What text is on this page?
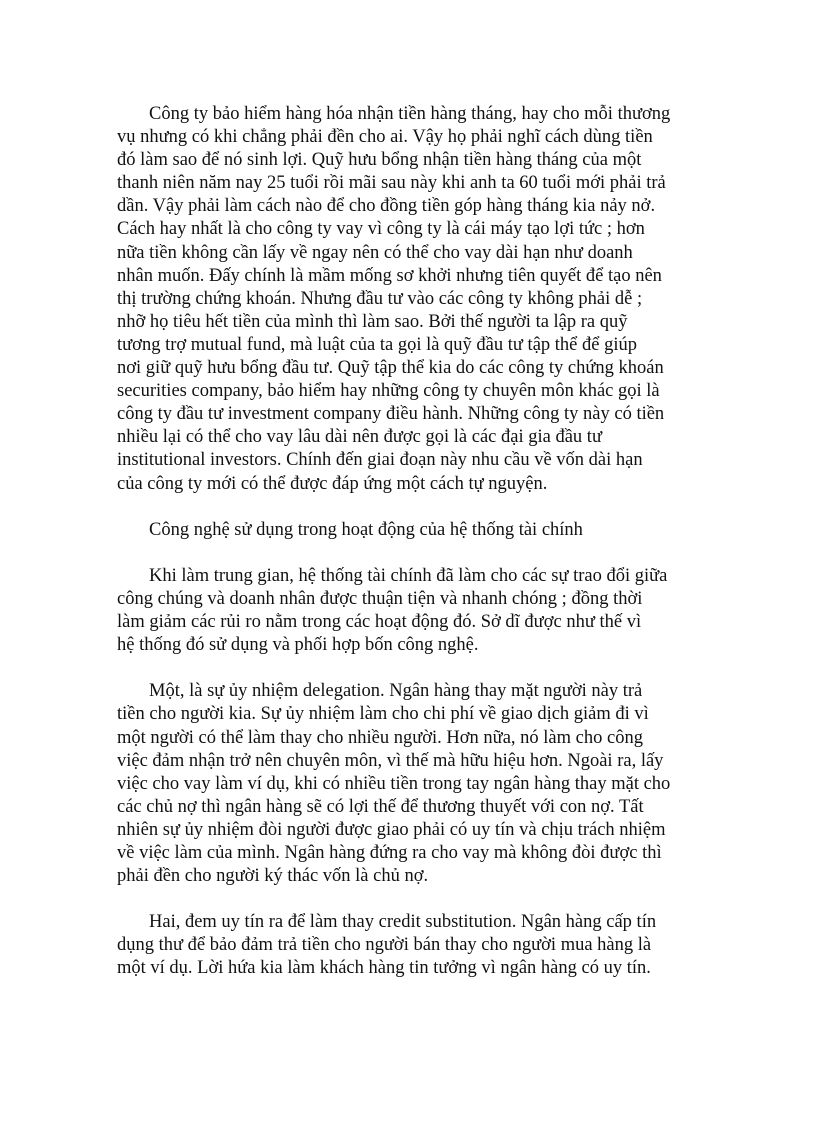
Công ty bảo hiểm hàng hóa nhận tiền hàng tháng, hay cho mỗi thương
vụ nhưng có khi chẳng phải đền cho ai. Vậy họ phải nghĩ cách dùng tiền
đó làm sao để nó sinh lợi. Quỹ hưu bổng nhận tiền hàng tháng của một
thanh niên năm nay 25 tuổi rồi mãi sau này khi anh ta 60 tuổi mới phải trả
dần. Vậy phải làm cách nào để cho đồng tiền góp hàng tháng kia nảy nở.
Cách hay nhất là cho công ty vay vì công ty là cái máy tạo lợi tức ; hơn
nữa tiền không cần lấy về ngay nên có thể cho vay dài hạn như doanh
nhân muốn. Đấy chính là mầm mống sơ khởi nhưng tiên quyết để tạo nên
thị trường chứng khoán. Nhưng đầu tư vào các công ty không phải dễ ;
nhỡ họ tiêu hết tiền của mình thì làm sao. Bởi thế người ta lập ra quỹ
tương trợ mutual fund, mà luật của ta gọi là quỹ đầu tư tập thể để giúp
nơi giữ quỹ hưu bổng đầu tư. Quỹ tập thể kia do các công ty chứng khoán
securities company, bảo hiểm hay những công ty chuyên môn khác gọi là
công ty đầu tư investment company điều hành. Những công ty này có tiền
nhiều lại có thể cho vay lâu dài nên được gọi là các đại gia đầu tư
institutional investors. Chính đến giai đoạn này nhu cầu về vốn dài hạn
của công ty mới có thể được đáp ứng một cách tự nguyện.
Công nghệ sử dụng trong hoạt động của hệ thống tài chính
Khi làm trung gian, hệ thống tài chính đã làm cho các sự trao đổi giữa
công chúng và doanh nhân được thuận tiện và nhanh chóng ; đồng thời
làm giảm các rủi ro nằm trong các hoạt động đó. Sở dĩ được như thế vì
hệ thống đó sử dụng và phối hợp bốn công nghệ.
Một, là sự ủy nhiệm delegation. Ngân hàng thay mặt người này trả
tiền cho người kia. Sự ủy nhiệm làm cho chi phí về giao dịch giảm đi vì
một người có thể làm thay cho nhiều người. Hơn nữa, nó làm cho công
việc đảm nhận trở nên chuyên môn, vì thế mà hữu hiệu hơn. Ngoài ra, lấy
việc cho vay làm ví dụ, khi có nhiều tiền trong tay ngân hàng thay mặt cho
các chủ nợ thì ngân hàng sẽ có lợi thế để thương thuyết với con nợ. Tất
nhiên sự ủy nhiệm đòi người được giao phải có uy tín và chịu trách nhiệm
về việc làm của mình. Ngân hàng đứng ra cho vay mà không đòi được thì
phải đền cho người ký thác vốn là chủ nợ.
Hai, đem uy tín ra để làm thay credit substitution. Ngân hàng cấp tín
dụng thư để bảo đảm trả tiền cho người bán thay cho người mua hàng là
một ví dụ. Lời hứa kia làm khách hàng tin tưởng vì ngân hàng có uy tín.
